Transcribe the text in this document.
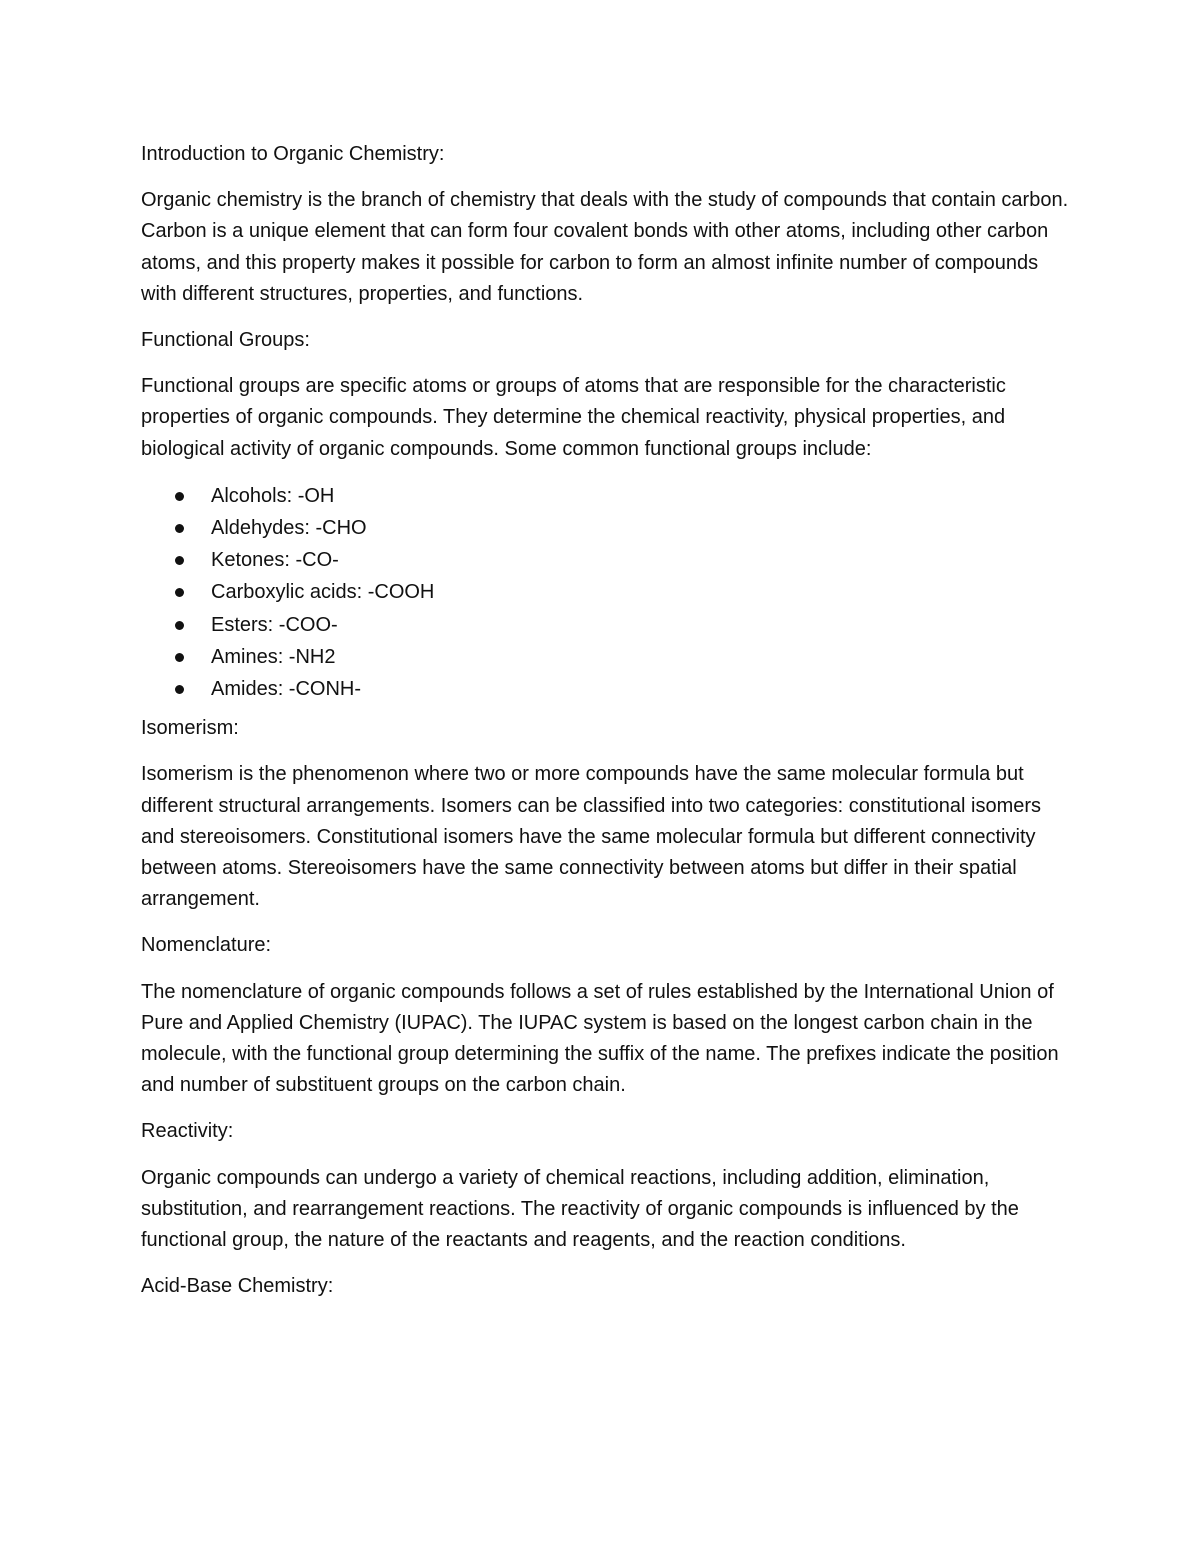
Introduction to Organic Chemistry:
Organic chemistry is the branch of chemistry that deals with the study of compounds that contain carbon. Carbon is a unique element that can form four covalent bonds with other atoms, including other carbon atoms, and this property makes it possible for carbon to form an almost infinite number of compounds with different structures, properties, and functions.
Functional Groups:
Functional groups are specific atoms or groups of atoms that are responsible for the characteristic properties of organic compounds. They determine the chemical reactivity, physical properties, and biological activity of organic compounds. Some common functional groups include:
Alcohols: -OH
Aldehydes: -CHO
Ketones: -CO-
Carboxylic acids: -COOH
Esters: -COO-
Amines: -NH2
Amides: -CONH-
Isomerism:
Isomerism is the phenomenon where two or more compounds have the same molecular formula but different structural arrangements. Isomers can be classified into two categories: constitutional isomers and stereoisomers. Constitutional isomers have the same molecular formula but different connectivity between atoms. Stereoisomers have the same connectivity between atoms but differ in their spatial arrangement.
Nomenclature:
The nomenclature of organic compounds follows a set of rules established by the International Union of Pure and Applied Chemistry (IUPAC). The IUPAC system is based on the longest carbon chain in the molecule, with the functional group determining the suffix of the name. The prefixes indicate the position and number of substituent groups on the carbon chain.
Reactivity:
Organic compounds can undergo a variety of chemical reactions, including addition, elimination, substitution, and rearrangement reactions. The reactivity of organic compounds is influenced by the functional group, the nature of the reactants and reagents, and the reaction conditions.
Acid-Base Chemistry:
